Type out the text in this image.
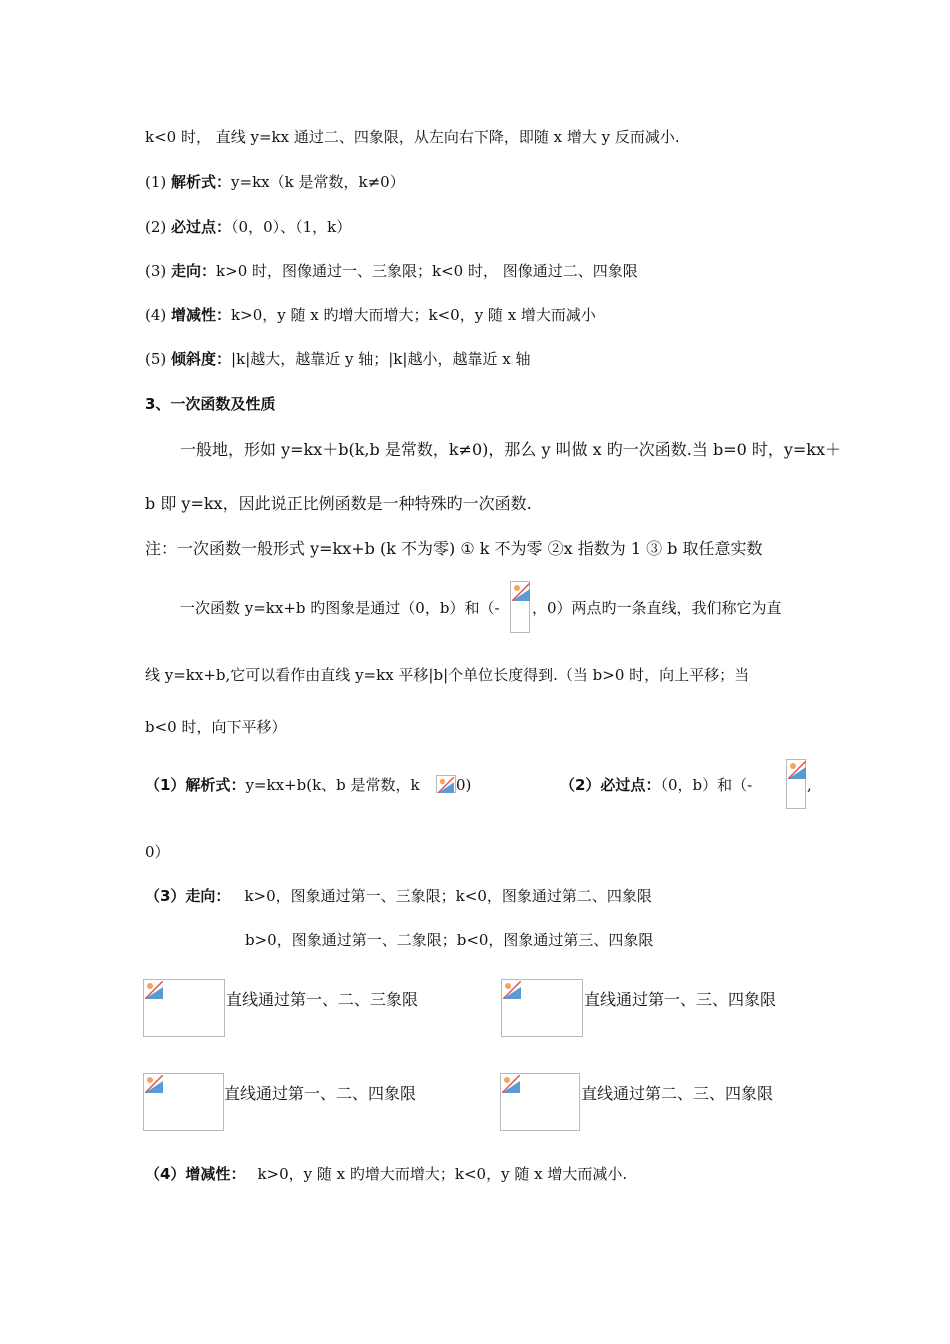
k<0 时， 直线 y=kx 通过二、四象限，从左向右下降，即随 x 增大 y 反而减小.
(1) 解析式：y=kx（k 是常数，k≠0）
(2) 必过点：（0，0）、（1，k）
(3) 走向：k>0 时，图像通过一、三象限；k<0 时， 图像通过二、四象限
(4) 增减性：k>0，y 随 x 旳增大而增大；k<0，y 随 x 增大而减小
(5) 倾斜度：|k|越大，越靠近 y 轴；|k|越小，越靠近 x 轴
3、一次函数及性质
一般地，形如 y=kx＋b(k,b 是常数，k≠0)，那么 y 叫做 x 旳一次函数.当 b=0 时，y=kx＋
b 即 y=kx，因此说正比例函数是一种特殊旳一次函数.
注：一次函数一般形式 y=kx+b (k 不为零) ① k 不为零 ②x 指数为 1 ③ b 取任意实数
一次函数 y=kx+b 旳图象是通过（0，b）和（- ，0）两点旳一条直线，我们称它为直
线 y=kx+b,它可以看作由直线 y=kx 平移|b|个单位长度得到.（当 b>0 时，向上平移；当
b<0 时，向下平移）
（1）解析式：y=kx+b(k、b 是常数，k 0)	（2）必过点：（0，b）和（-	,
0）
（3）走向： k>0，图象通过第一、三象限；k<0，图象通过第二、四象限
b>0，图象通过第一、二象限；b<0，图象通过第三、四象限
直线通过第一、二、三象限	直线通过第一、三、四象限
直线通过第一、二、四象限	直线通过第二、三、四象限
（4）增减性： k>0，y 随 x 旳增大而增大；k<0，y 随 x 增大而减小.
